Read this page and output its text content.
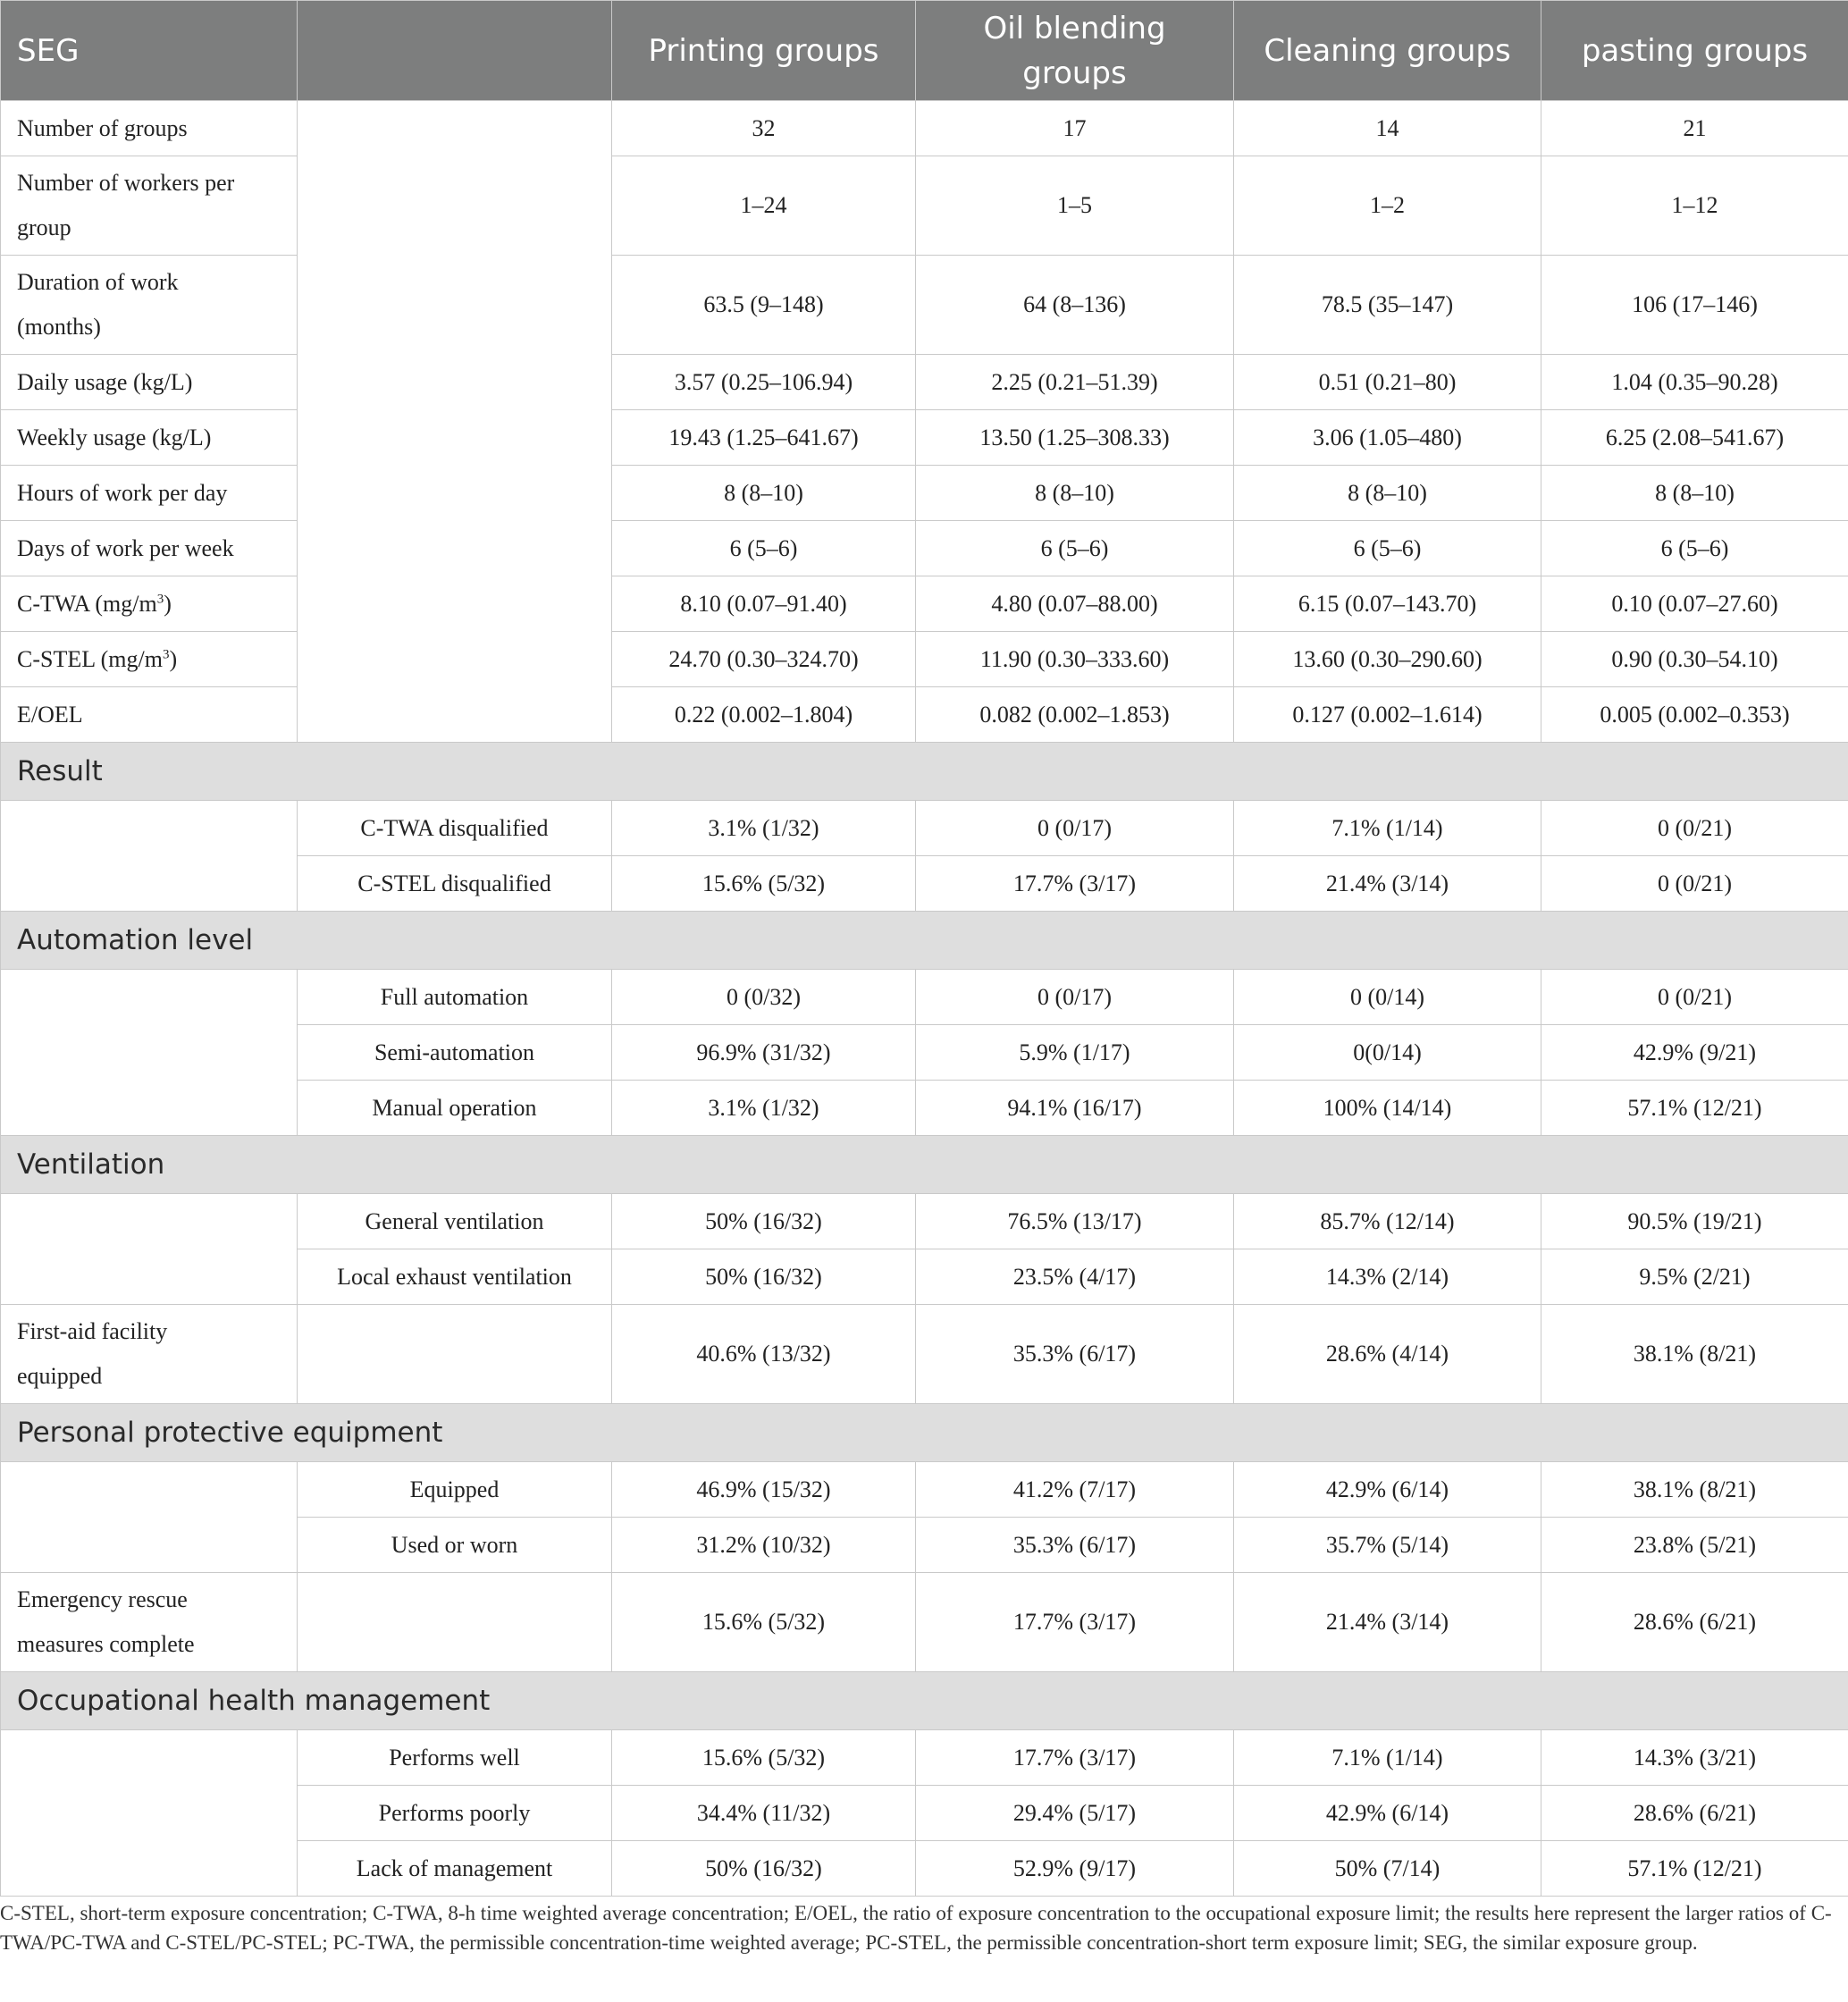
SEG		Printing groups	Oil blending
groups	Cleaning groups	pasting groups
Number of groups		32	17	14	21
Number of workers per
group		1–24	1–5	1–2	1–12
Duration of work
(months)		63.5 (9–148)	64 (8–136)	78.5 (35–147)	106 (17–146)
Daily usage (kg/L)		3.57 (0.25–106.94)	2.25 (0.21–51.39)	0.51 (0.21–80)	1.04 (0.35–90.28)
Weekly usage (kg/L)		19.43 (1.25–641.67)	13.50 (1.25–308.33)	3.06 (1.05–480)	6.25 (2.08–541.67)
Hours of work per day		8 (8–10)	8 (8–10)	8 (8–10)	8 (8–10)
Days of work per week		6 (5–6)	6 (5–6)	6 (5–6)	6 (5–6)
C-TWA $(mg/m^3)$		8.10 (0.07–91.40)	4.80 (0.07–88.00)	6.15 (0.07–143.70)	0.10 (0.07–27.60)
C-STEL $(mg/m^3)$		24.70 (0.30–324.70)	11.90 (0.30–333.60)	13.60 (0.30–290.60)	0.90 (0.30–54.10)
E/OEL		0.22 (0.002–1.804)	0.082 (0.002–1.853)	0.127 (0.002–1.614)	0.005 (0.002–0.353)
Result					
	C-TWA disqualified	3.1% (1/32)	0 (0/17)	7.1% (1/14)	0 (0/21)
	C-STEL disqualified	15.6% (5/32)	17.7% (3/17)	21.4% (3/14)	0 (0/21)
Automation level					
	Full automation	0 (0/32)	0 (0/17)	0 (0/14)	0 (0/21)
	Semi-automation	96.9% (31/32)	5.9% (1/17)	0(0/14)	42.9% (9/21)
	Manual operation	3.1% (1/32)	94.1% (16/17)	100% (14/14)	57.1% (12/21)
Ventilation					
	General ventilation	50% (16/32)	76.5% (13/17)	85.7% (12/14)	90.5% (19/21)
	Local exhaust ventilation	50% (16/32)	23.5% (4/17)	14.3% (2/14)	9.5% (2/21)
First-aid facility
equipped		40.6% (13/32)	35.3% (6/17)	28.6% (4/14)	38.1% (8/21)
Personal protective equipment					
	Equipped	46.9% (15/32)	41.2% (7/17)	42.9% (6/14)	38.1% (8/21)
	Used or worn	31.2% (10/32)	35.3% (6/17)	35.7% (5/14)	23.8% (5/21)
Emergency rescue
measures complete		15.6% (5/32)	17.7% (3/17)	21.4% (3/14)	28.6% (6/21)
Occupational health management					
	Performs well	15.6% (5/32)	17.7% (3/17)	7.1% (1/14)	14.3% (3/21)
	Performs poorly	34.4% (11/32)	29.4% (5/17)	42.9% (6/14)	28.6% (6/21)
	Lack of management	50% (16/32)	52.9% (9/17)	50% (7/14)	57.1% (12/21)
C-STEL, short-term exposure concentration; C-TWA, 8-h time weighted average concentration; E/OEL, the ratio of exposure concentration to the occupational exposure limit; the results here represent the larger ratios of C-TWA/PC-TWA and C-STEL/PC-STEL; PC-TWA, the permissible concentration-time weighted average; PC-STEL, the permissible concentration-short term exposure limit; SEG, the similar exposure group.
